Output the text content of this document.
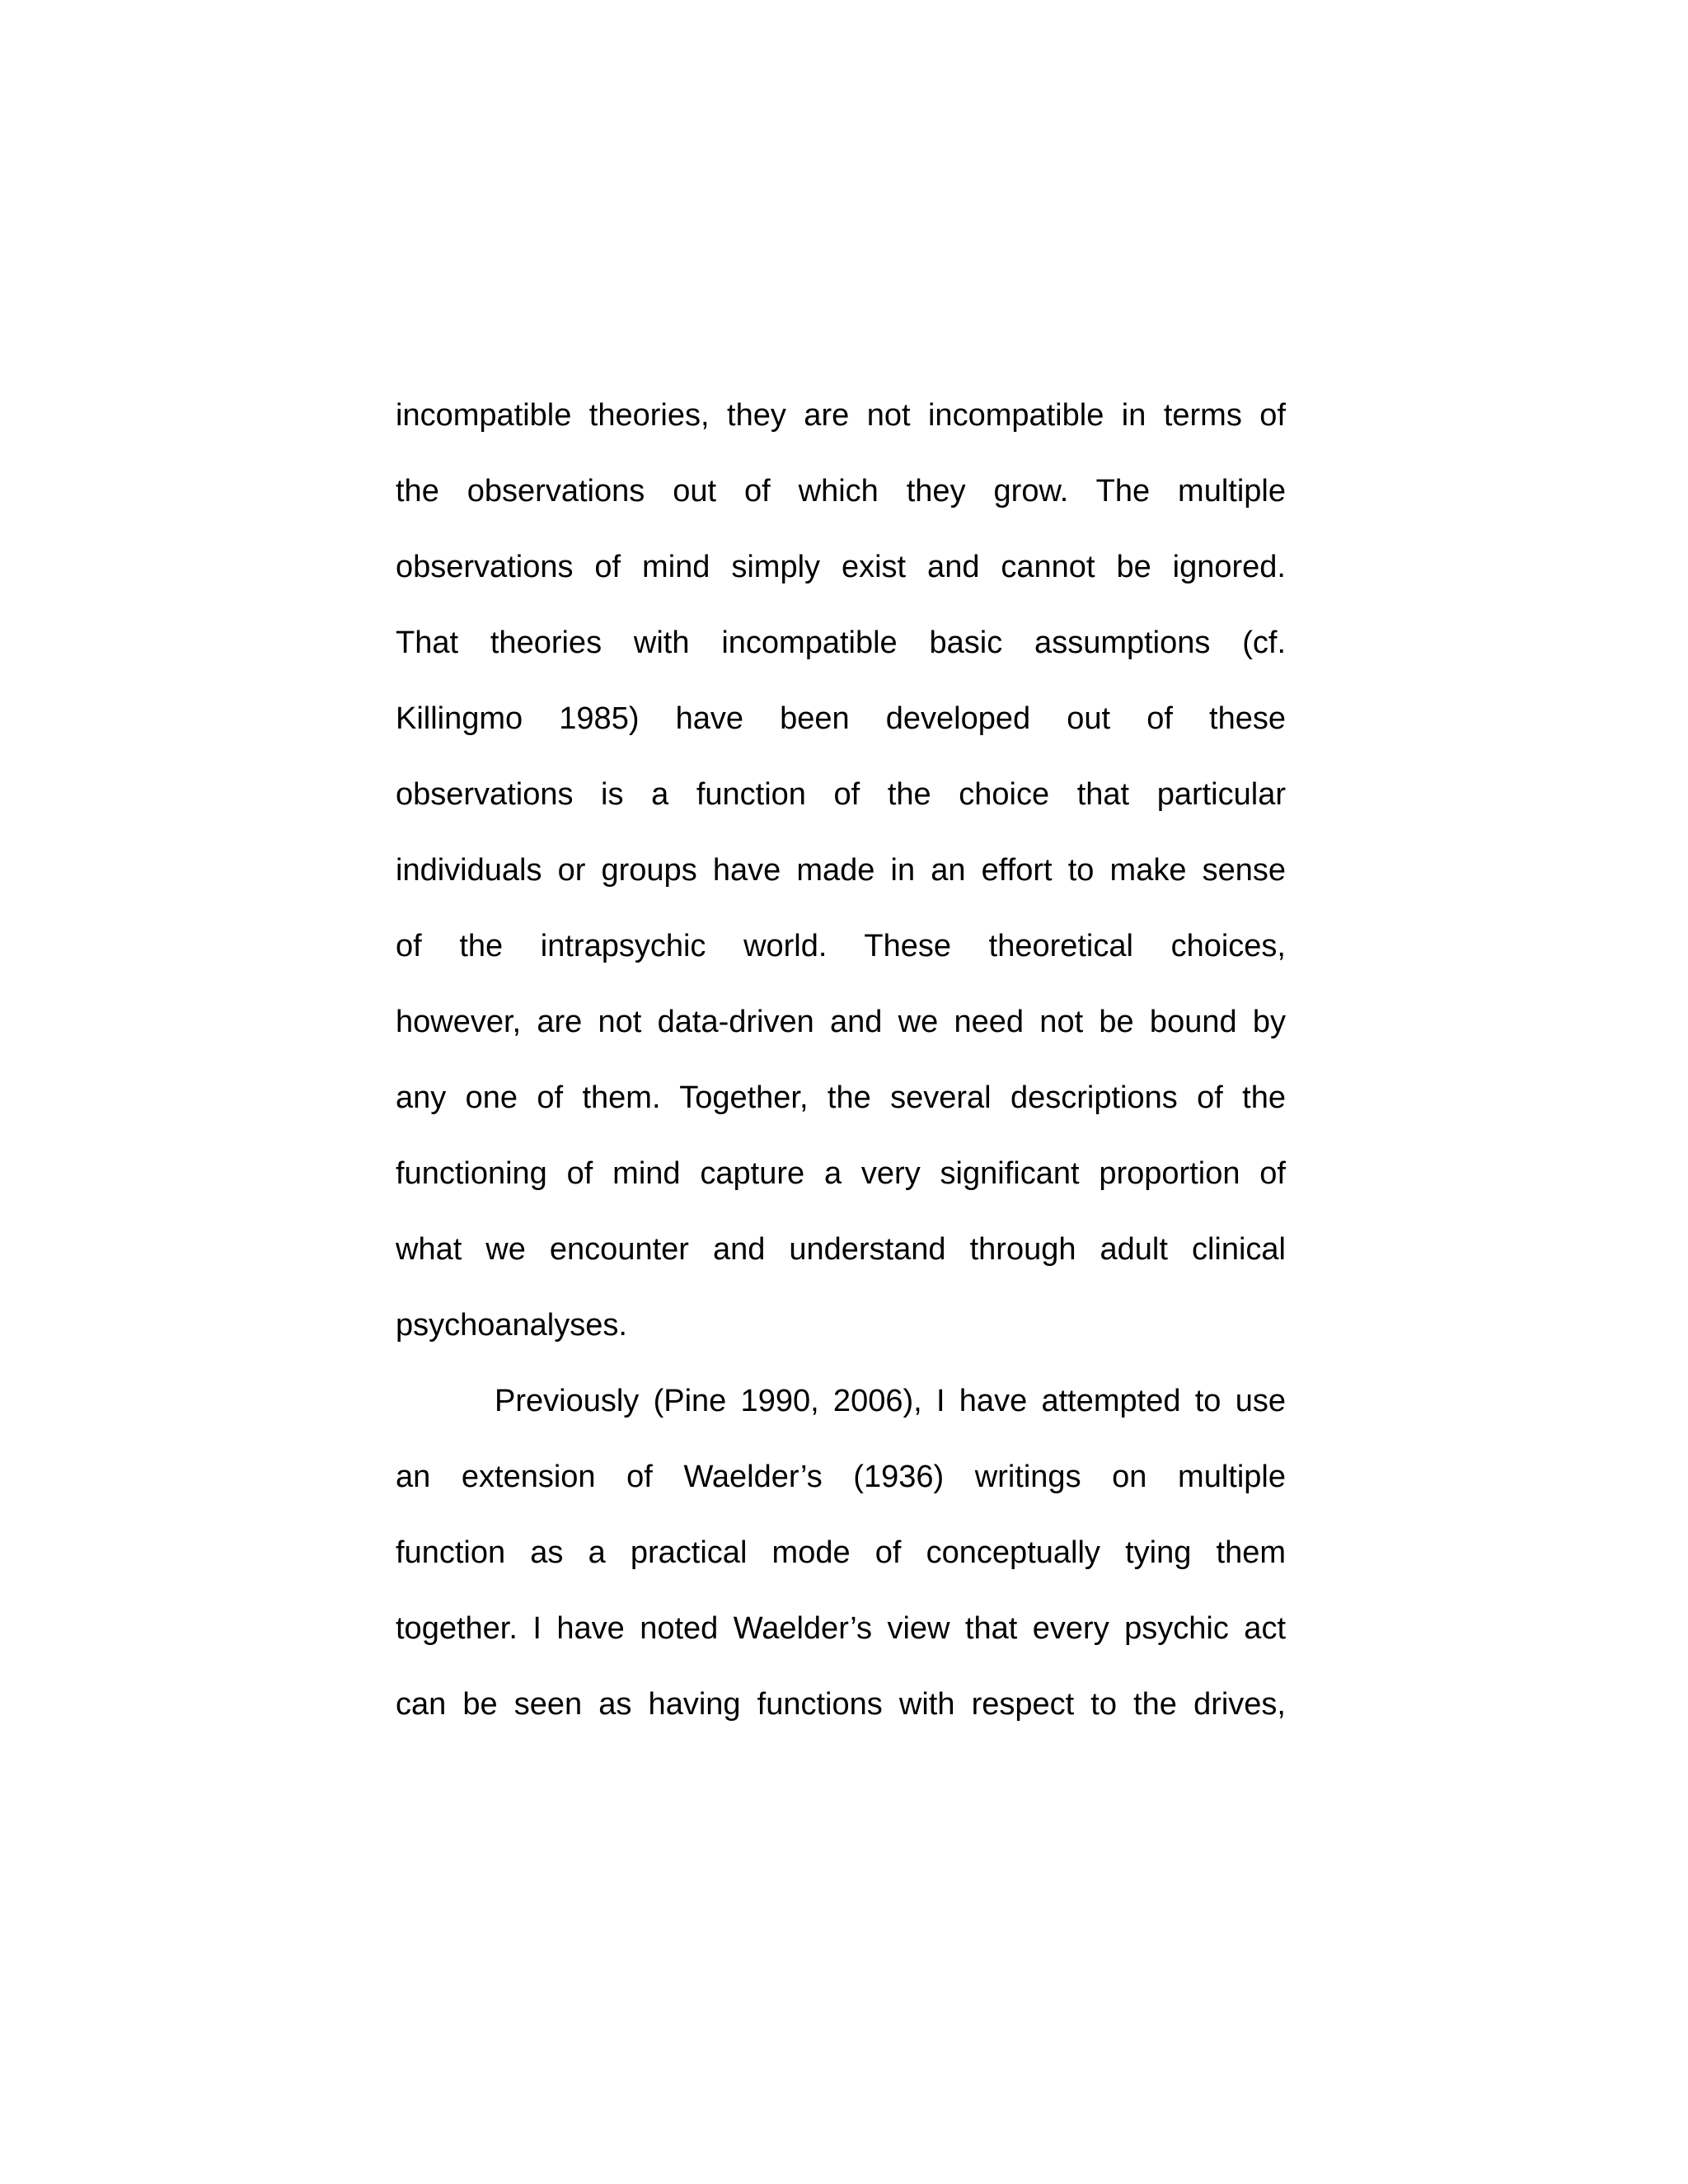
incompatible theories, they are not incompatible in terms of
the observations out of which they grow. The multiple
observations of mind simply exist and cannot be ignored.
That theories with incompatible basic assumptions (cf.
Killingmo 1985) have been developed out of these
observations is a function of the choice that particular
individuals or groups have made in an effort to make sense
of the intrapsychic world. These theoretical choices,
however, are not data-driven and we need not be bound by
any one of them. Together, the several descriptions of the
functioning of mind capture a very significant proportion of
what we encounter and understand through adult clinical
psychoanalyses.
Previously (Pine 1990, 2006), I have attempted to use
an extension of Waelder’s (1936) writings on multiple
function as a practical mode of conceptually tying them
together. I have noted Waelder’s view that every psychic act
can be seen as having functions with respect to the drives,
